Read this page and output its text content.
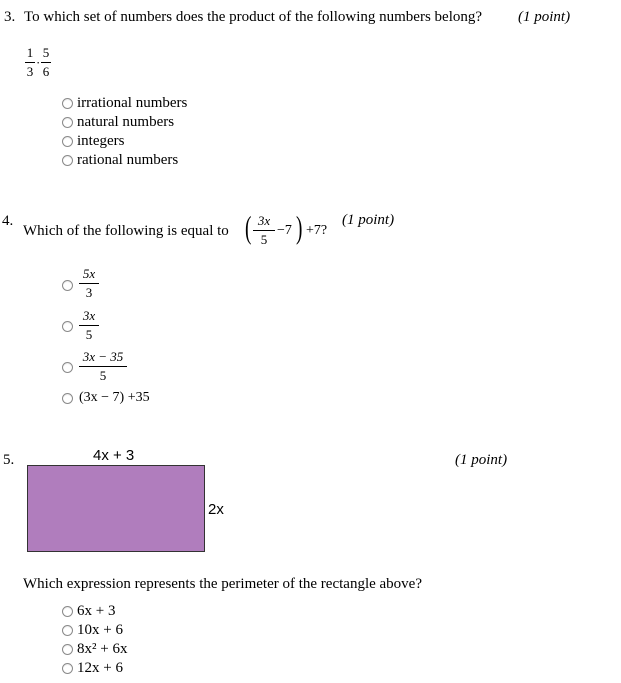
3. To which set of numbers does the product of the following numbers belong? (1 point)
1
3
·
5
6
irrational numbers
natural numbers
integers
rational numbers
4.
Which of the following is equal to ( 3x
5
−7 ) +7?
(1 point)
5x
3
3x
5
3x − 35
5
(3x − 7) +35
5.	4x + 3	(1 point)
2x
Which expression represents the perimeter of the rectangle above?
6x + 3
10x + 6
8x² + 6x
12x + 6
